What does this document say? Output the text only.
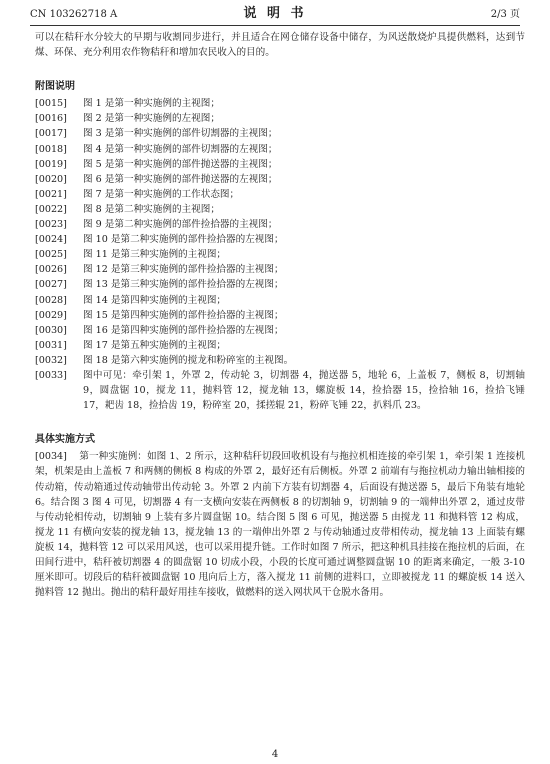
CN 103262718 A	说 明 书	2/3 页

可以在秸秆水分较大的早期与收割同步进行，并且适合在网仓储存设备中储存，为风送散烧炉具提供燃料，达到节煤、环保、充分利用农作物秸秆和增加农民收入的目的。

附图说明
[0015]	图 1 是第一种实施例的主视图；
[0016]	图 2 是第一种实施例的左视图；
[0017]	图 3 是第一种实施例的部件切割器的主视图；
[0018]	图 4 是第一种实施例的部件切割器的左视图；
[0019]	图 5 是第一种实施例的部件抛送器的主视图；
[0020]	图 6 是第一种实施例的部件抛送器的左视图；
[0021]	图 7 是第一种实施例的工作状态图；
[0022]	图 8 是第二种实施例的主视图；
[0023]	图 9 是第二种实施例的部件捡拾器的主视图；
[0024]	图 10 是第二种实施例的部件捡拾器的左视图；
[0025]	图 11 是第三种实施例的主视图；
[0026]	图 12 是第三种实施例的部件捡拾器的主视图；
[0027]	图 13 是第三种实施例的部件捡拾器的左视图；
[0028]	图 14 是第四种实施例的主视图；
[0029]	图 15 是第四种实施例的部件捡拾器的主视图；
[0030]	图 16 是第四种实施例的部件捡拾器的左视图；
[0031]	图 17 是第五种实施例的主视图；
[0032]	图 18 是第六种实施例的搅龙和粉碎室的主视图。
[0033]	图中可见：牵引架 1，外罩 2，传动轮 3，切割器 4，抛送器 5，地轮 6，上盖板 7，侧板 8，切割轴 9，圆盘锯 10，搅龙 11，抛料管 12，搅龙轴 13，螺旋板 14，捡拾器 15，捡拾轴 16，捡拾飞锤 17，耙齿 18，捡拾齿 19，粉碎室 20，揉搓辊 21，粉碎飞锤 22，扒料爪 23。
具体实施方式

[0034] 第一种实施例：如图 1、2 所示，这种秸秆切段回收机设有与拖拉机相连接的牵引架 1，牵引架 1 连接机架，机架是由上盖板 7 和两侧的侧板 8 构成的外罩 2，最好还有后侧板。外罩 2 前端有与拖拉机动力输出轴相接的传动箱，传动箱通过传动轴带出传动轮 3。外罩 2 内前下方装有切割器 4，后面设有抛送器 5，最后下角装有地轮 6。结合图 3 图 4 可见，切割器 4 有一支横向安装在两侧板 8 的切割轴 9，切割轴 9 的一端伸出外罩 2，通过皮带与传动轮相传动，切割轴 9 上装有多片圆盘锯 10。结合图 5 图 6 可见，抛送器 5 由搅龙 11 和抛料管 12 构成，搅龙 11 有横向安装的搅龙轴 13，搅龙轴 13 的一端伸出外罩 2 与传动轴通过皮带相传动，搅龙轴 13 上面装有螺旋板 14，抛料管 12 可以采用风送，也可以采用提升链。工作时如图 7 所示，把这种机具挂接在拖拉机的后面，在田间行进中，秸秆被切割器 4 的圆盘锯 10 切成小段，小段的长度可通过调整圆盘锯 10 的距离来确定，一般 3-10 厘米即可。切段后的秸秆被圆盘锯 10 甩向后上方，落入搅龙 11 前侧的进料口，立即被搅龙 11 的螺旋板 14 送入抛料管 12 抛出。抛出的秸秆最好用挂车接收，做燃料的送入网状风干仓脱水备用。

4
